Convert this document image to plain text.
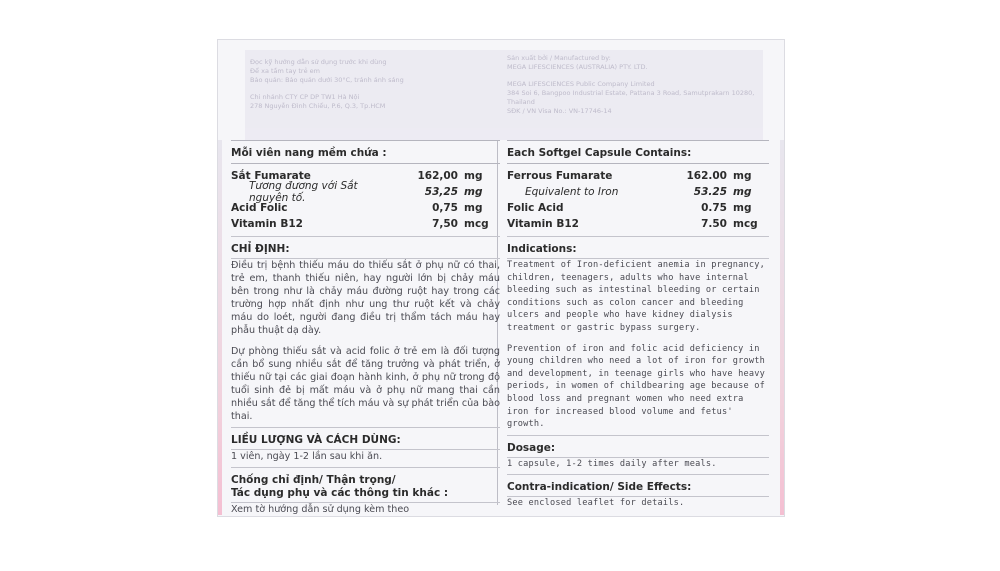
Đọc kỹ hướng dẫn sử dụng trước khi dùng
Để xa tầm tay trẻ em
Bảo quản: Bảo quản dưới 30°C, tránh ánh sáng
Chi nhánh CTY CP DP TW1 Hà Nội
278 Nguyễn Đình Chiểu, P.6, Q.3, Tp.HCM
Sản xuất bởi / Manufactured by:
MEGA LIFESCIENCES (AUSTRALIA) PTY. LTD.
MEGA LIFESCIENCES Public Company Limited
384 Soi 6, Bangpoo Industrial Estate, Pattana 3 Road, Samutprakarn 10280, Thailand
SĐK / VN Visa No.: VN-17746-14
Mỗi viên nang mềm chứa :
Sắt Fumarate	162,00 mg
Tương đương với Sắt nguyên tố.	53,25 mg
Acid Folic	0,75 mg
Vitamin B12	7,50 mcg
CHỈ ĐỊNH:
Điều trị bệnh thiếu máu do thiếu sắt ở phụ nữ có thai, trẻ em, thanh thiếu niên, hay người lớn bị chảy máu bên trong như là chảy máu đường ruột hay trong các trường hợp nhất định như ung thư ruột kết và chảy máu do loét, người đang điều trị thẩm tách máu hay phẫu thuật dạ dày.
Dự phòng thiếu sắt và acid folic ở trẻ em là đối tượng cần bổ sung nhiều sắt để tăng trưởng và phát triển, ở thiếu nữ tại các giai đoạn hành kinh, ở phụ nữ trong độ tuổi sinh đẻ bị mất máu và ở phụ nữ mang thai cần nhiều sắt để tăng thể tích máu và sự phát triển của bào thai.
LIỀU LƯỢNG VÀ CÁCH DÙNG:
1 viên, ngày 1-2 lần sau khi ăn.
Chống chỉ định/ Thận trọng/
Tác dụng phụ và các thông tin khác :
Xem tờ hướng dẫn sử dụng kèm theo
Each Softgel Capsule Contains:
Ferrous Fumarate	162.00 mg
Equivalent to Iron	53.25 mg
Folic Acid	0.75 mg
Vitamin B12	7.50 mcg
Indications:
Treatment of Iron-deficient anemia in pregnancy, children, teenagers, adults who have internal bleeding such as intestinal bleeding or certain conditions such as colon cancer and bleeding ulcers and people who have kidney dialysis treatment or gastric bypass surgery.
Prevention of iron and folic acid deficiency in young children who need a lot of iron for growth and development, in teenage girls who have heavy periods, in women of childbearing age because of blood loss and pregnant women who need extra iron for increased blood volume and fetus' growth.
Dosage:
1 capsule, 1-2 times daily after meals.
Contra-indication/ Side Effects:
See enclosed leaflet for details.
